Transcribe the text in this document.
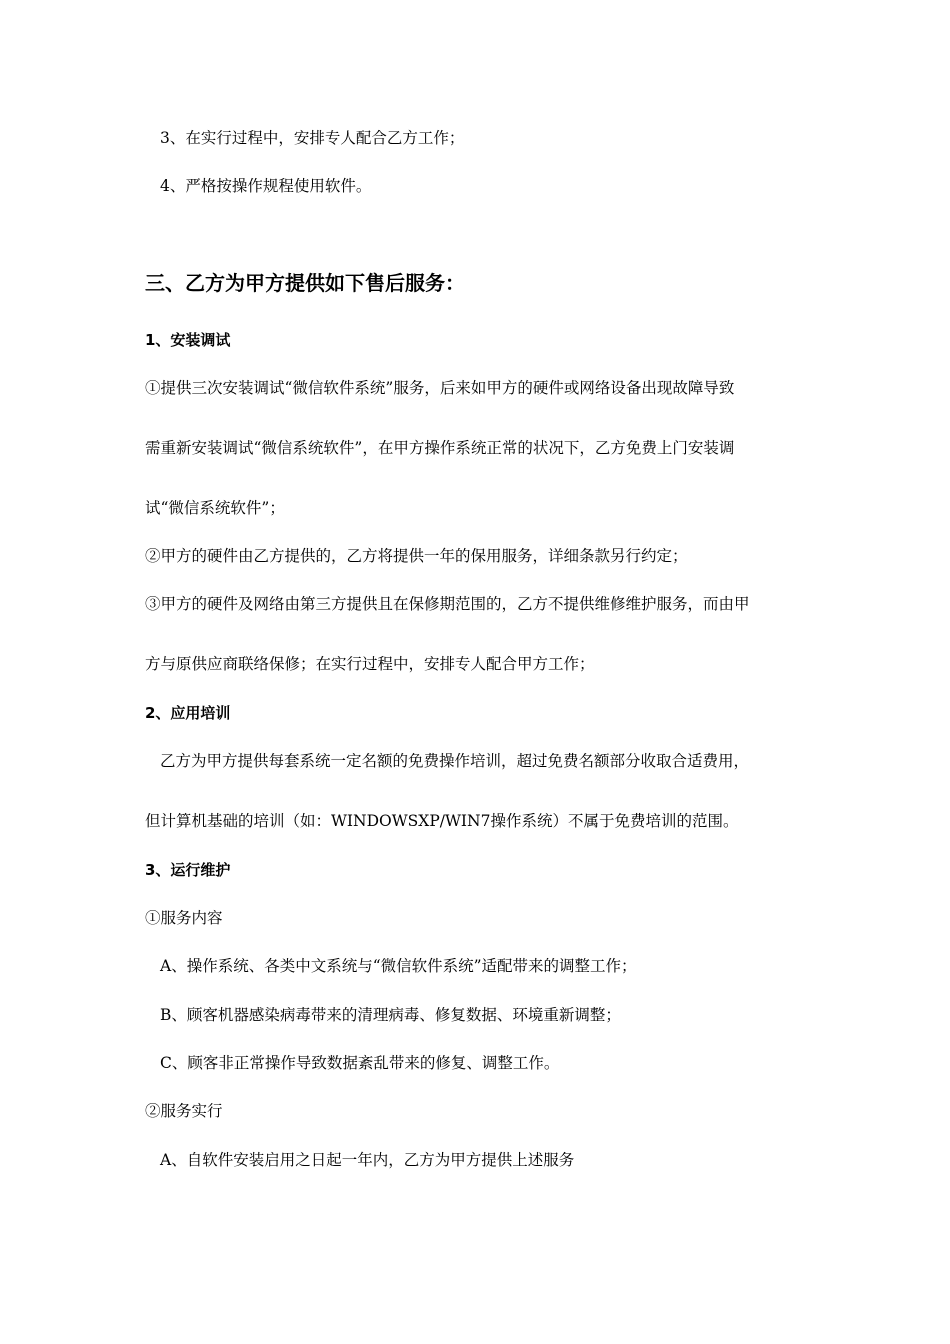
3、在实行过程中，安排专人配合乙方工作；
4、严格按操作规程使用软件。
三、乙方为甲方提供如下售后服务：
1、安装调试
①提供三次安装调试“微信软件系统”服务，后来如甲方的硬件或网络设备出现故障导致
需重新安装调试“微信系统软件”，在甲方操作系统正常的状况下，乙方免费上门安装调
试“微信系统软件”；
②甲方的硬件由乙方提供的，乙方将提供一年的保用服务，详细条款另行约定；
③甲方的硬件及网络由第三方提供且在保修期范围的，乙方不提供维修维护服务，而由甲
方与原供应商联络保修；在实行过程中，安排专人配合甲方工作；
2、应用培训
乙方为甲方提供每套系统一定名额的免费操作培训，超过免费名额部分收取合适费用，
但计算机基础的培训（如：WINDOWSXP/WIN7操作系统）不属于免费培训的范围。
3、运行维护
①服务内容
A、操作系统、各类中文系统与“微信软件系统”适配带来的调整工作；
B、顾客机器感染病毒带来的清理病毒、修复数据、环境重新调整；
C、顾客非正常操作导致数据紊乱带来的修复、调整工作。
②服务实行
A、自软件安装启用之日起一年内，乙方为甲方提供上述服务
